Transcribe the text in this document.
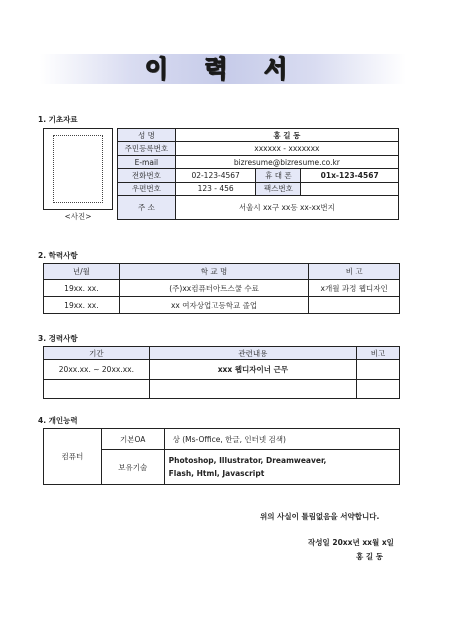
이 력 서
1. 기초자료
<사진>
성 명	홍 길 동		
주민등록번호	xxxxxx - xxxxxxx		
E-mail	bizresume@bizresume.co.kr		
전화번호	02-123-4567	휴 대 폰	01x-123-4567
우편번호	123 - 456	팩스번호	
주 소	서울시 xx구 xx동 xx-xx번지		
2. 학력사항
년/월	학 교 명	비 고
19xx. xx.	(주)xx컴퓨터아트스쿨 수료	x개월 과정 웹디자인
19xx. xx.	xx 여자상업고등학교 졸업	
3. 경력사항
기간	관련내용	비고
20xx.xx. ~ 20xx.xx.	xxx 웹디자이너 근무	

4. 개인능력
컴퓨터	기본OA	상 (Ms-Office, 한글, 인터넷 검색)
	보유기술	Photoshop, Illustrator, Dreamweaver,
Flash, Html, Javascript
위의 사실이 틀림없음을 서약합니다.
작성일 20xx년 xx월 x일
홍 길 동
